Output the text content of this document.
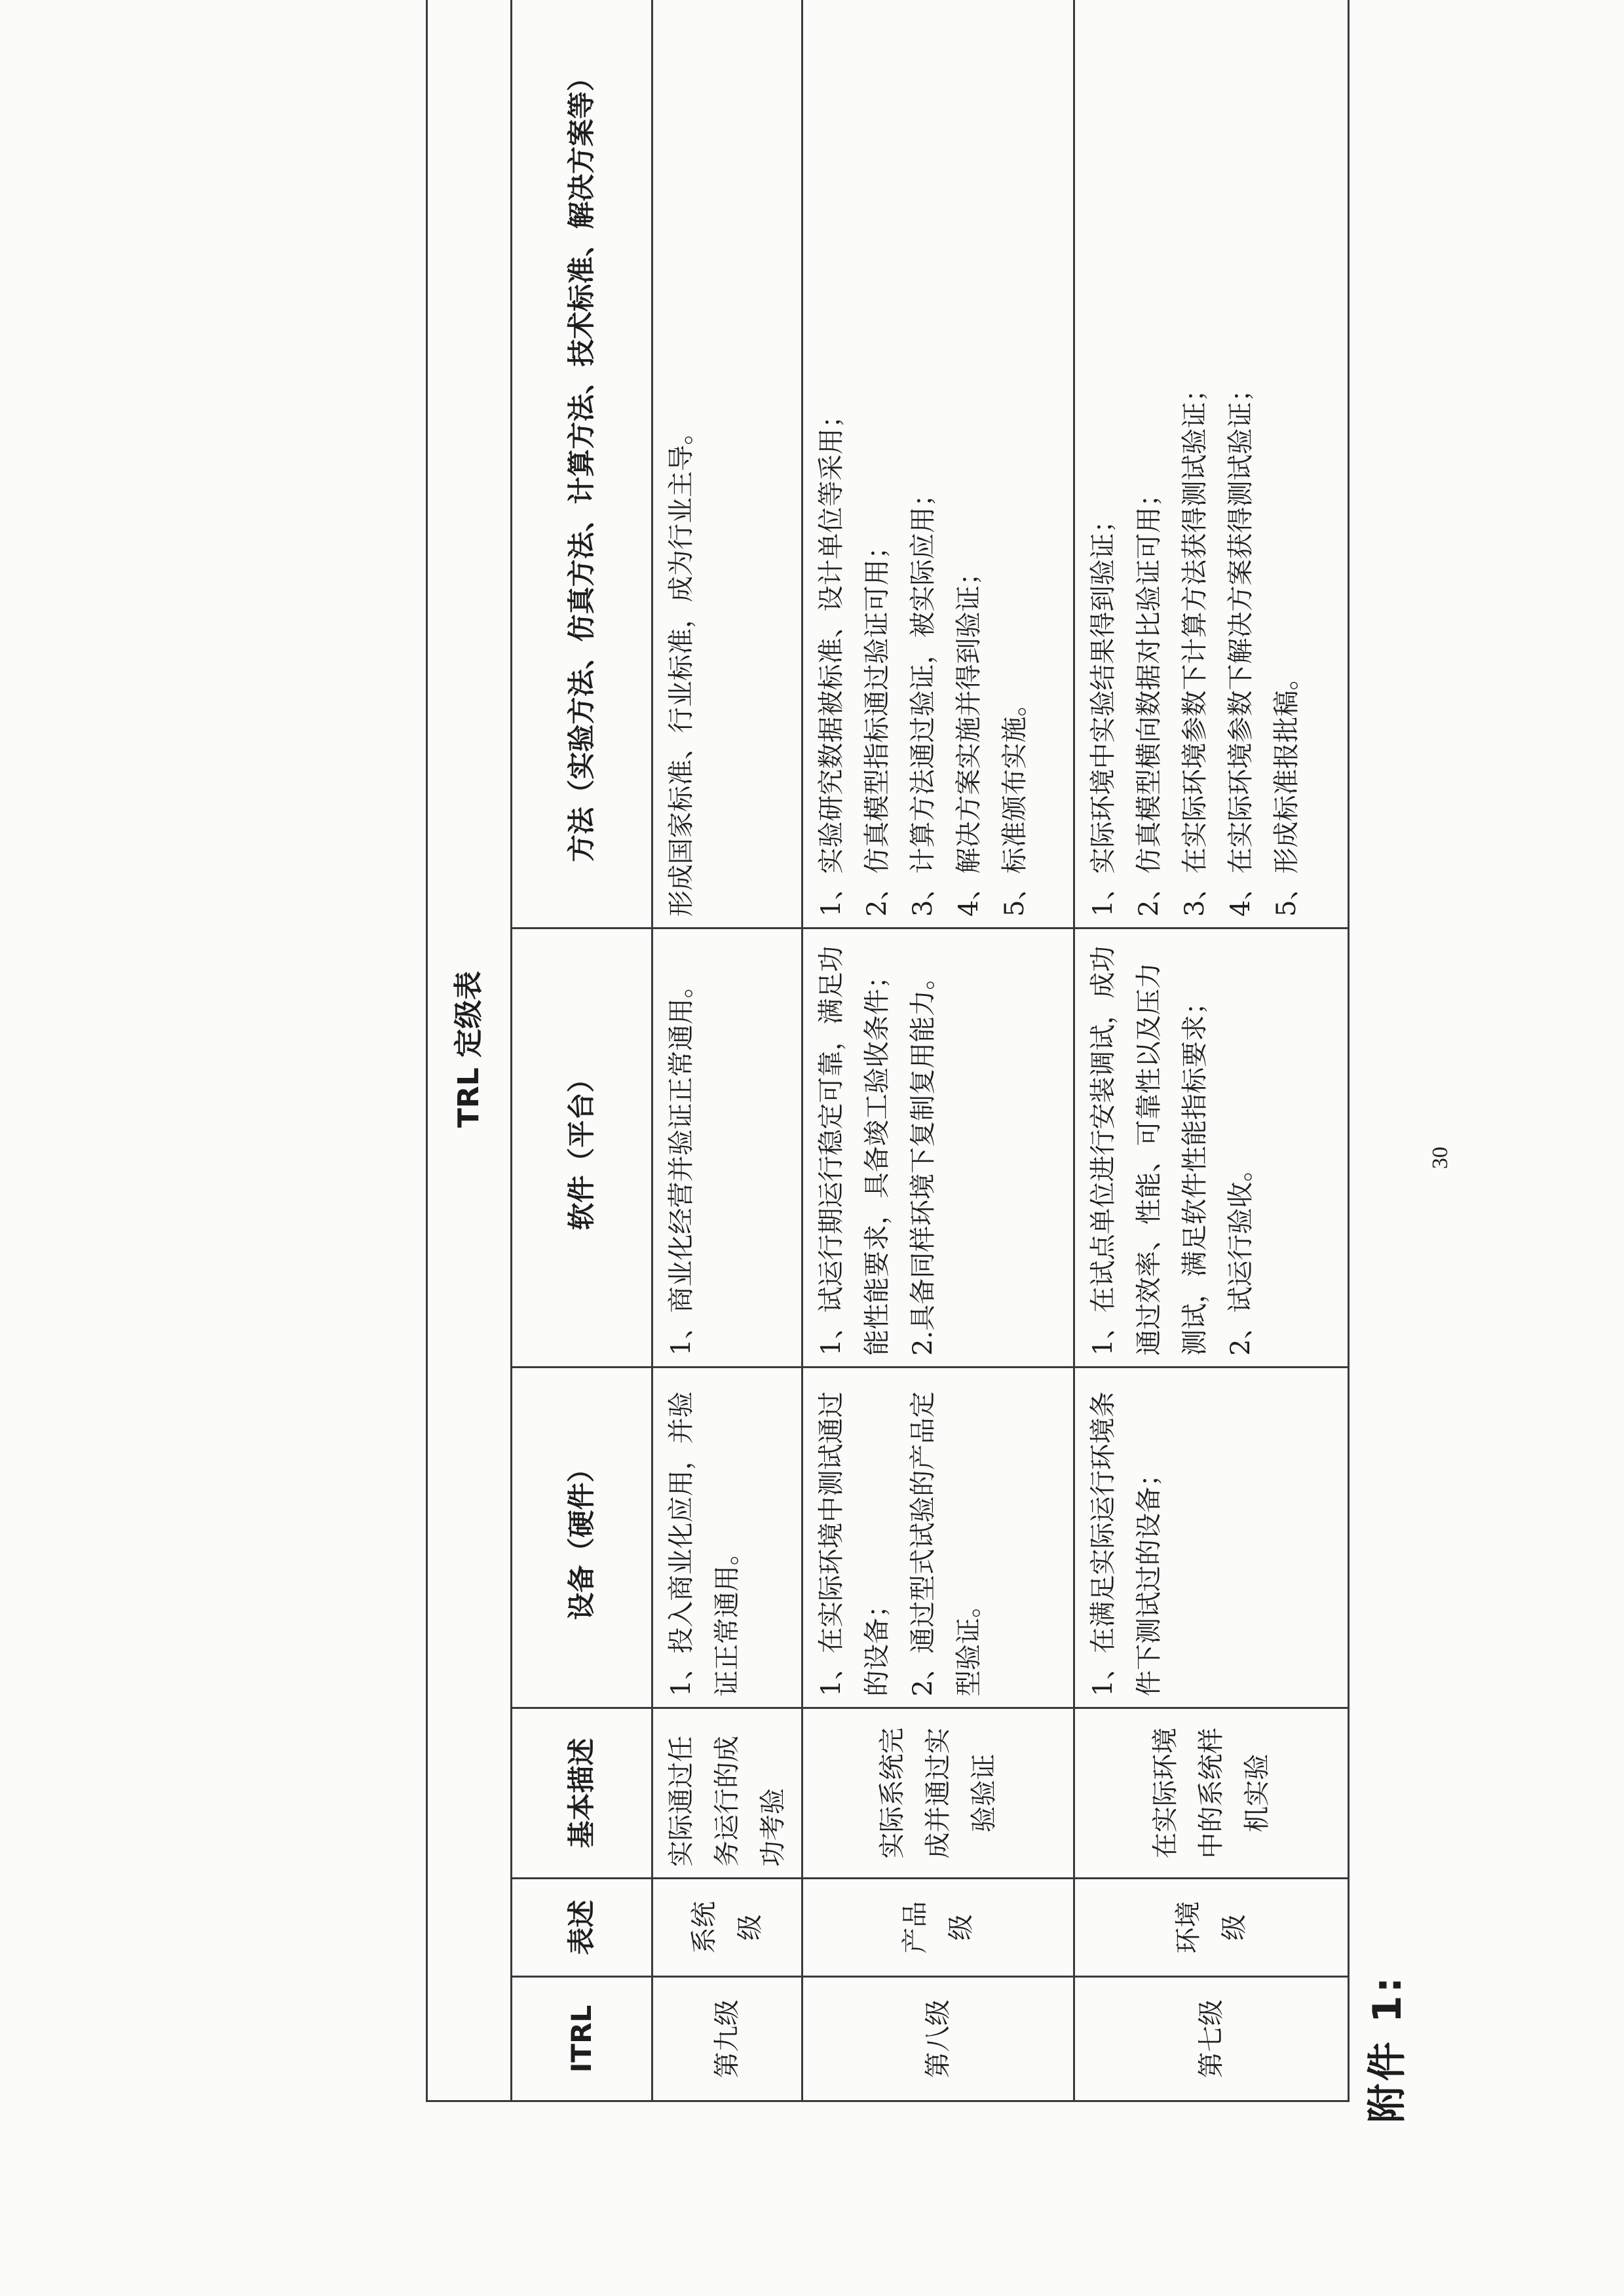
附件 1:
TRL 定级表					
ITRL	表述	基本描述	设备（硬件）	软件（平台）	方法（实验方法、仿真方法、计算方法、技术标准、解决方案等）
第九级	系统级	实际通过任务运行的成功考验	1、投入商业化应用，并验证正常通用。	1、商业化经营并验证正常通用。	形成国家标准、行业标准，成为行业主导。

第八级	产品级	实际系统完成并通过实验验证	1、在实际环境中测试通过的设备； 2、通过型式试验的产品定型验证。	1、试运行期运行稳定可靠，满足功能性能要求，具备竣工验收条件； 2.具备同样环境下复制复用能力。	1、实验研究数据被标准、设计单位等采用； 2、仿真模型指标通过验证可用； 3、计算方法通过验证，被实际应用； 4、解决方案实施并得到验证； 5、标准颁布实施。

第七级	环境级	在实际环境中的系统样机实验	1、在满足实际运行环境条件下测试过的设备；	1、在试点单位进行安装调试，成功通过效率、性能、可靠性以及压力测试，满足软件性能指标要求； 2、试运行验收。	1、实际环境中实验结果得到验证； 2、仿真模型横向数据对比验证可用； 3、在实际环境参数下计算方法获得测试验证； 4、在实际环境参数下解决方案获得测试验证； 5、形成标准报批稿。
30
